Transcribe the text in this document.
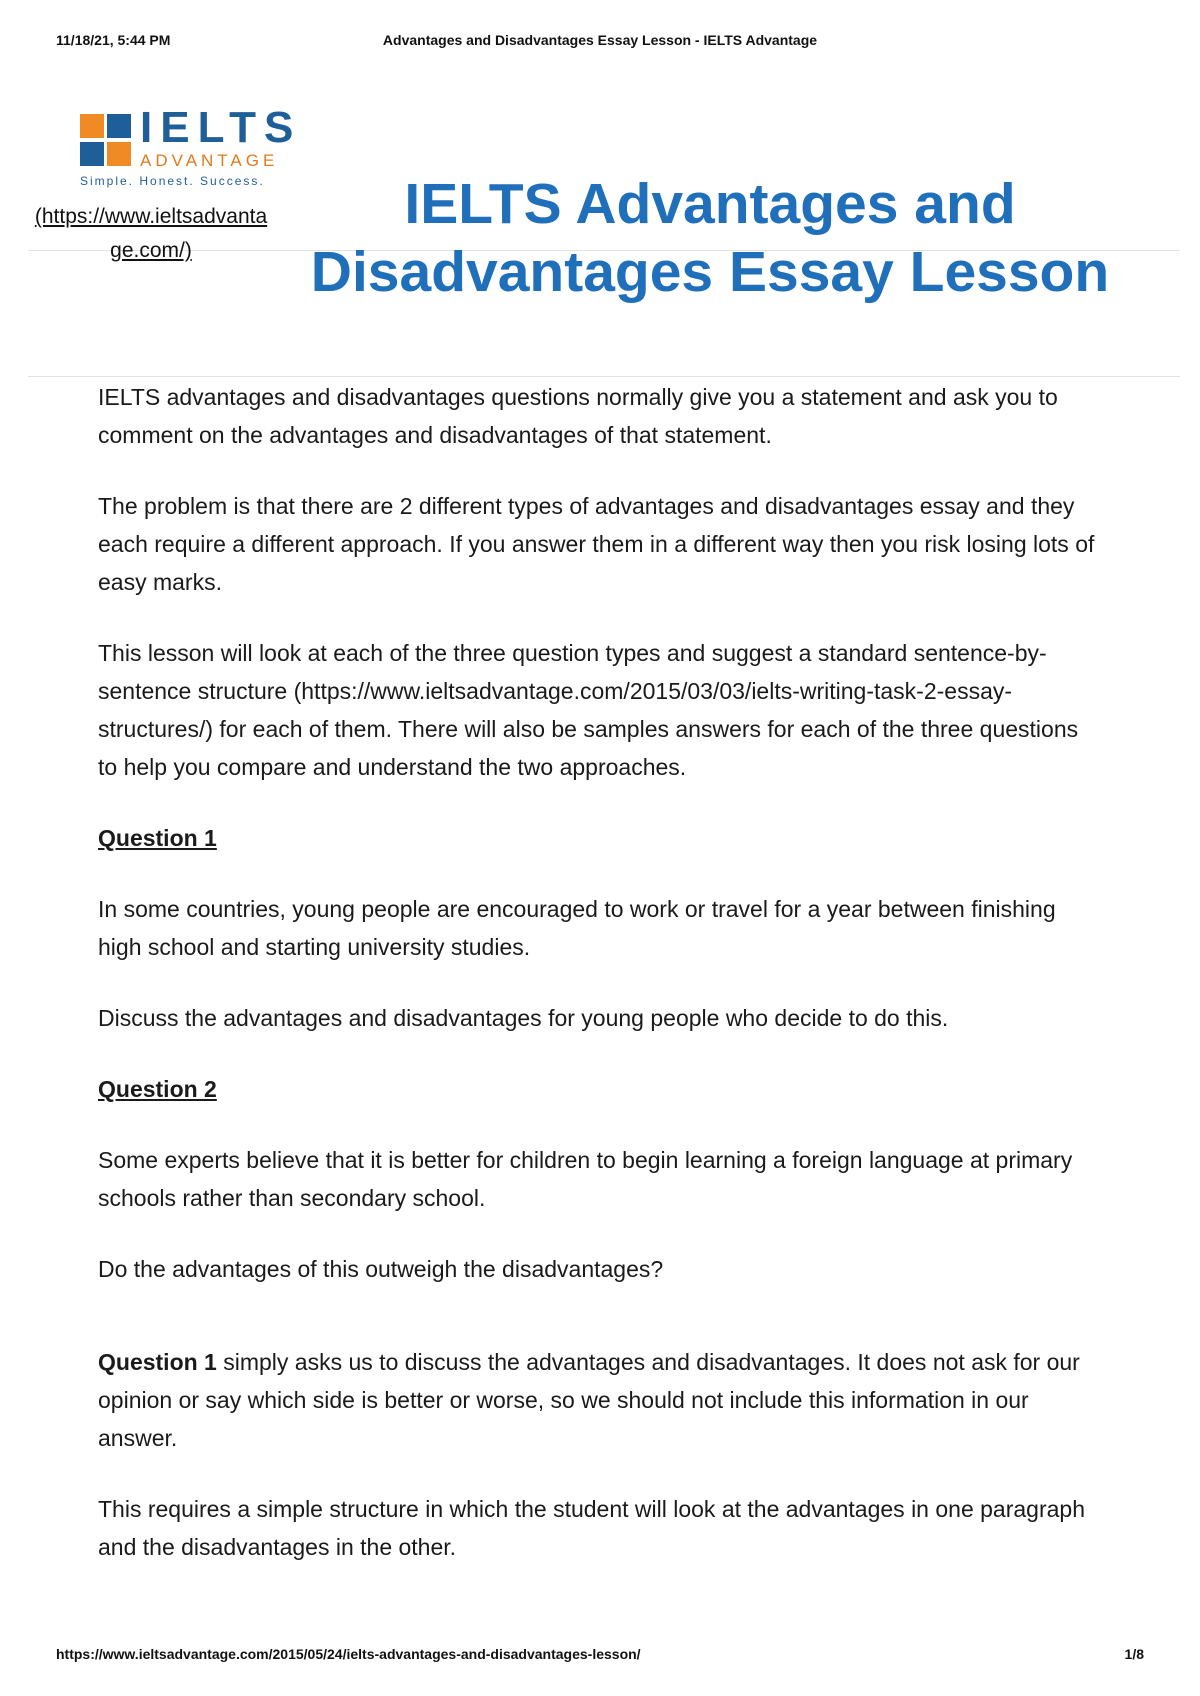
11/18/21, 5:44 PM	Advantages and Disadvantages Essay Lesson - IELTS Advantage
IELTS
ADVANTAGE
Simple. Honest. Success.
(https://www.ieltsadvantage.com/)
IELTS Advantages and Disadvantages Essay Lesson

IELTS advantages and disadvantages questions normally give you a statement and ask you to comment on the advantages and disadvantages of that statement.

The problem is that there are 2 different types of advantages and disadvantages essay and they each require a different approach. If you answer them in a different way then you risk losing lots of easy marks.

This lesson will look at each of the three question types and suggest a standard sentence-by-sentence structure (https://www.ieltsadvantage.com/2015/03/03/ielts-writing-task-2-essay-structures/) for each of them. There will also be samples answers for each of the three questions to help you compare and understand the two approaches.

Question 1

In some countries, young people are encouraged to work or travel for a year between finishing high school and starting university studies.

Discuss the advantages and disadvantages for young people who decide to do this.

Question 2

Some experts believe that it is better for children to begin learning a foreign language at primary schools rather than secondary school.

Do the advantages of this outweigh the disadvantages?

Question 1 simply asks us to discuss the advantages and disadvantages. It does not ask for our opinion or say which side is better or worse, so we should not include this information in our answer.

This requires a simple structure in which the student will look at the advantages in one paragraph and the disadvantages in the other.

https://www.ieltsadvantage.com/2015/05/24/ielts-advantages-and-disadvantages-lesson/	1/8
